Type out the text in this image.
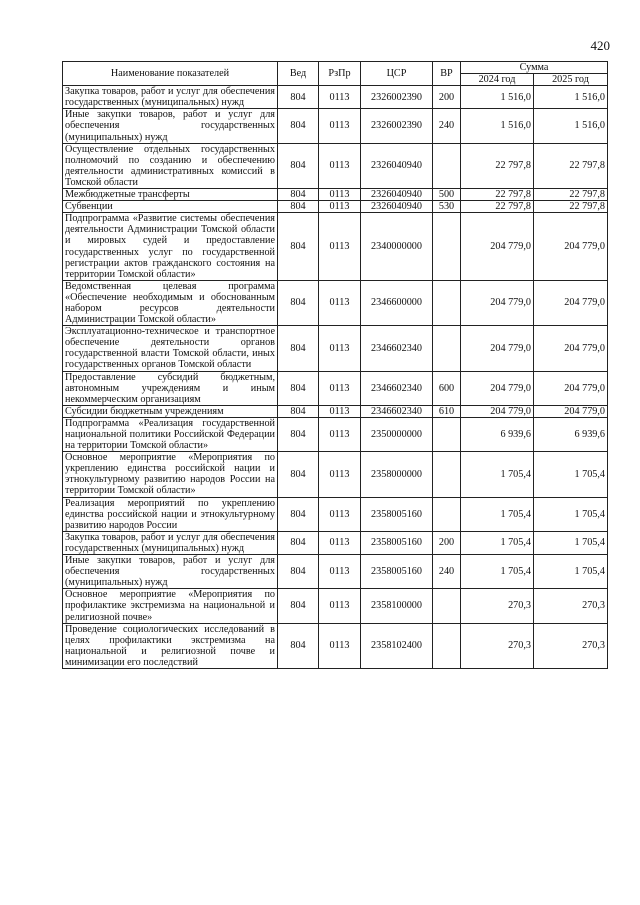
420
Наименование показателей	Вед	РзПр	ЦСР	ВР	Сумма	
					2024 год	2025 год
Закупка товаров, работ и услуг для обеспечения государственных (муниципальных) нужд	804	0113	2326002390	200	1 516,0	1 516,0
Иные закупки товаров, работ и услуг для обеспечения государственных (муниципальных) нужд	804	0113	2326002390	240	1 516,0	1 516,0
Осуществление отдельных государственных полномочий по созданию и обеспечению деятельности административных комиссий в Томской области	804	0113	2326040940		22 797,8	22 797,8
Межбюджетные трансферты	804	0113	2326040940	500	22 797,8	22 797,8
Субвенции	804	0113	2326040940	530	22 797,8	22 797,8
Подпрограмма «Развитие системы обеспечения деятельности Администрации Томской области и мировых судей и предоставление государственных услуг по государственной регистрации актов гражданского состояния на территории Томской области»	804	0113	2340000000		204 779,0	204 779,0
Ведомственная целевая программа «Обеспечение необходимым и обоснованным набором ресурсов деятельности Администрации Томской области»	804	0113	2346600000		204 779,0	204 779,0
Эксплуатационно-техническое и транспортное обеспечение деятельности органов государственной власти Томской области, иных государственных органов Томской области	804	0113	2346602340		204 779,0	204 779,0
Предоставление субсидий бюджетным, автономным учреждениям и иным некоммерческим организациям	804	0113	2346602340	600	204 779,0	204 779,0
Субсидии бюджетным учреждениям	804	0113	2346602340	610	204 779,0	204 779,0
Подпрограмма «Реализация государственной национальной политики Российской Федерации на территории Томской области»	804	0113	2350000000		6 939,6	6 939,6
Основное мероприятие «Мероприятия по укреплению единства российской нации и этнокультурному развитию народов России на территории Томской области»	804	0113	2358000000		1 705,4	1 705,4
Реализация мероприятий по укреплению единства российской нации и этнокультурному развитию народов России	804	0113	2358005160		1 705,4	1 705,4
Закупка товаров, работ и услуг для обеспечения государственных (муниципальных) нужд	804	0113	2358005160	200	1 705,4	1 705,4
Иные закупки товаров, работ и услуг для обеспечения государственных (муниципальных) нужд	804	0113	2358005160	240	1 705,4	1 705,4
Основное мероприятие «Мероприятия по профилактике экстремизма на национальной и религиозной почве»	804	0113	2358100000		270,3	270,3
Проведение социологических исследований в целях профилактики экстремизма на национальной и религиозной почве и минимизации его последствий	804	0113	2358102400		270,3	270,3
